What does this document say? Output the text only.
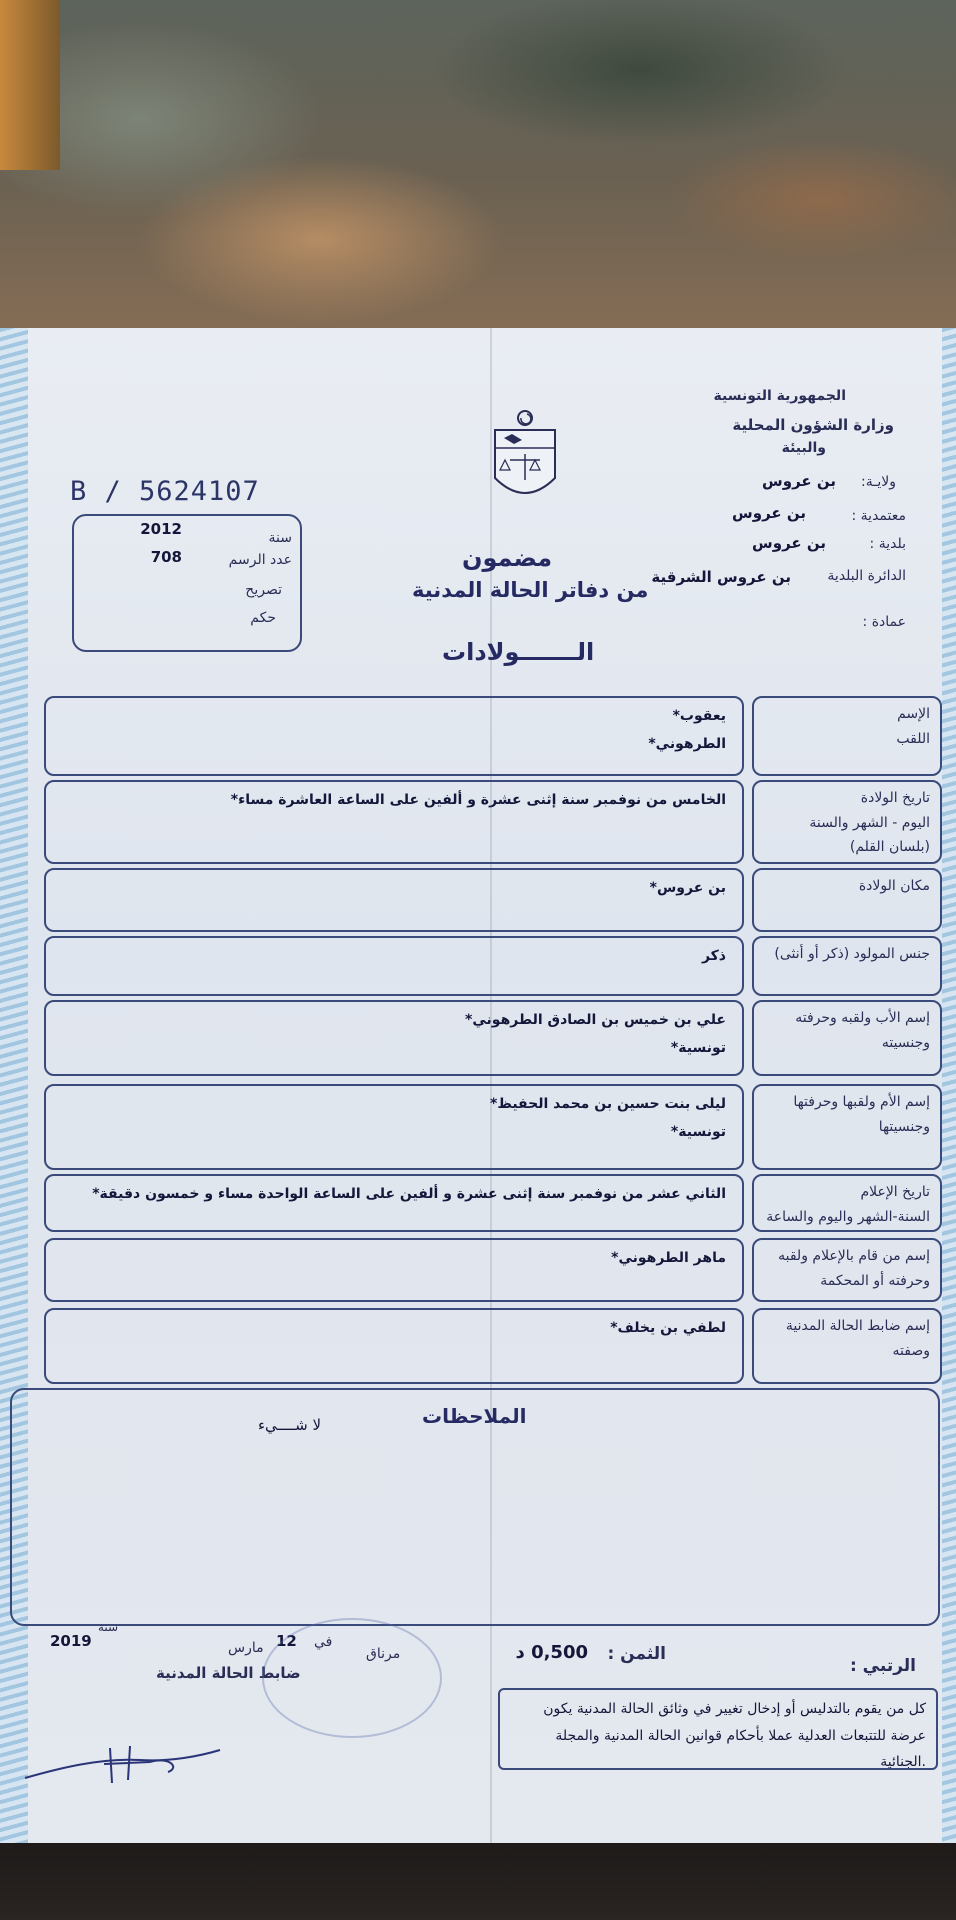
الجمهورية التونسية
وزارة الشؤون المحلية
والبيئة
ولايـة:
بن عروس
معتمدية :
بن عروس
بلدية :
بن عروس
الدائرة البلدية
بن عروس الشرقية
عمادة :
B / 5624107
سنة
2012
عدد الرسم
708
تصريح
حكم
مضمون
من دفاتر الحالة المدنية
الـــــــولادات
الإسم
اللقب
يعقوب*
الطرهوني*
تاريخ الولادة
اليوم - الشهر والسنة
(بلسان القلم)
الخامس من نوفمبر سنة إثنى عشرة و ألفين على الساعة العاشرة مساء*
مكان الولادة
بن عروس*
جنس المولود (ذكر أو أنثى)
ذكر
إسم الأب ولقبه وحرفته
وجنسيته
علي بن خميس بن الصادق الطرهوني*
تونسية*
إسم الأم ولقبها وحرفتها
وجنسيتها
ليلى بنت حسين بن محمد الحفيظ*
تونسية*
تاريخ الإعلام
السنة-الشهر واليوم والساعة
الثاني عشر من نوفمبر سنة إثنى عشرة و ألفين على الساعة الواحدة مساء و خمسون دقيقة*
إسم من قام بالإعلام ولقبه
وحرفته أو المحكمة
ماهر الطرهوني*
إسم ضابط الحالة المدنية
وصفته
لطفي بن يخلف*
الملاحظات
لا شــــيء
الرتبي :
الثمن :
0,500 د
مرناق
في
12
مارس
سنة
2019
ضابط الحالة المدنية
كل من يقوم بالتدليس أو إدخال تغيير في وثائق الحالة المدنية يكون عرضة للتتبعات العدلية عملا بأحكام قوانين الحالة المدنية والمجلة الجنائية.
